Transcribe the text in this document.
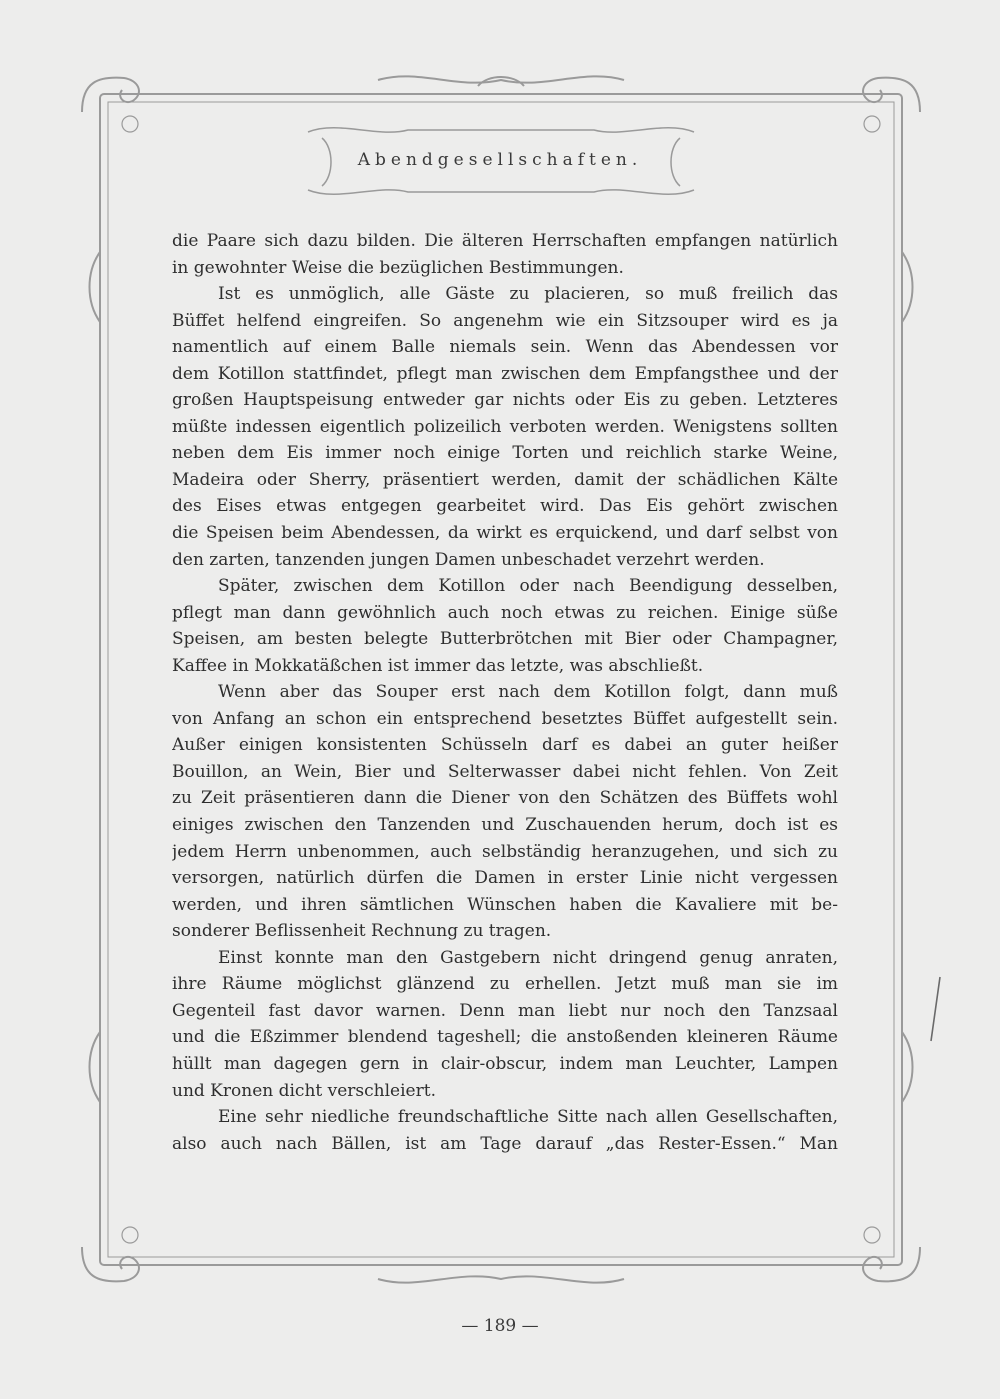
Abendgesellschaften.
die Paare sich dazu bilden. Die älteren Herrschaften empfangen natürlich
in gewohnter Weise die bezüglichen Bestimmungen.
Ist es unmöglich, alle Gäste zu placieren, so muß freilich das
Büffet helfend eingreifen. So angenehm wie ein Sitzsouper wird es ja
namentlich auf einem Balle niemals sein. Wenn das Abendessen vor
dem Kotillon stattfindet, pflegt man zwischen dem Empfangsthee und der
großen Hauptspeisung entweder gar nichts oder Eis zu geben. Letzteres
müßte indessen eigentlich polizeilich verboten werden. Wenigstens sollten
neben dem Eis immer noch einige Torten und reichlich starke Weine,
Madeira oder Sherry, präsentiert werden, damit der schädlichen Kälte
des Eises etwas entgegen gearbeitet wird. Das Eis gehört zwischen
die Speisen beim Abendessen, da wirkt es erquickend, und darf selbst von
den zarten, tanzenden jungen Damen unbeschadet verzehrt werden.
Später, zwischen dem Kotillon oder nach Beendigung desselben,
pflegt man dann gewöhnlich auch noch etwas zu reichen. Einige süße
Speisen, am besten belegte Butterbrötchen mit Bier oder Champagner,
Kaffee in Mokkatäßchen ist immer das letzte, was abschließt.
Wenn aber das Souper erst nach dem Kotillon folgt, dann muß
von Anfang an schon ein entsprechend besetztes Büffet aufgestellt sein.
Außer einigen konsistenten Schüsseln darf es dabei an guter heißer
Bouillon, an Wein, Bier und Selterwasser dabei nicht fehlen. Von Zeit
zu Zeit präsentieren dann die Diener von den Schätzen des Büffets wohl
einiges zwischen den Tanzenden und Zuschauenden herum, doch ist es
jedem Herrn unbenommen, auch selbständig heranzugehen, und sich zu
versorgen, natürlich dürfen die Damen in erster Linie nicht vergessen
werden, und ihren sämtlichen Wünschen haben die Kavaliere mit be-
sonderer Beflissenheit Rechnung zu tragen.
Einst konnte man den Gastgebern nicht dringend genug anraten,
ihre Räume möglichst glänzend zu erhellen. Jetzt muß man sie im
Gegenteil fast davor warnen. Denn man liebt nur noch den Tanzsaal
und die Eßzimmer blendend tageshell; die anstoßenden kleineren Räume
hüllt man dagegen gern in clair-obscur, indem man Leuchter, Lampen
und Kronen dicht verschleiert.
Eine sehr niedliche freundschaftliche Sitte nach allen Gesellschaften,
also auch nach Bällen, ist am Tage darauf „das Rester-Essen.“ Man
— 189 —
